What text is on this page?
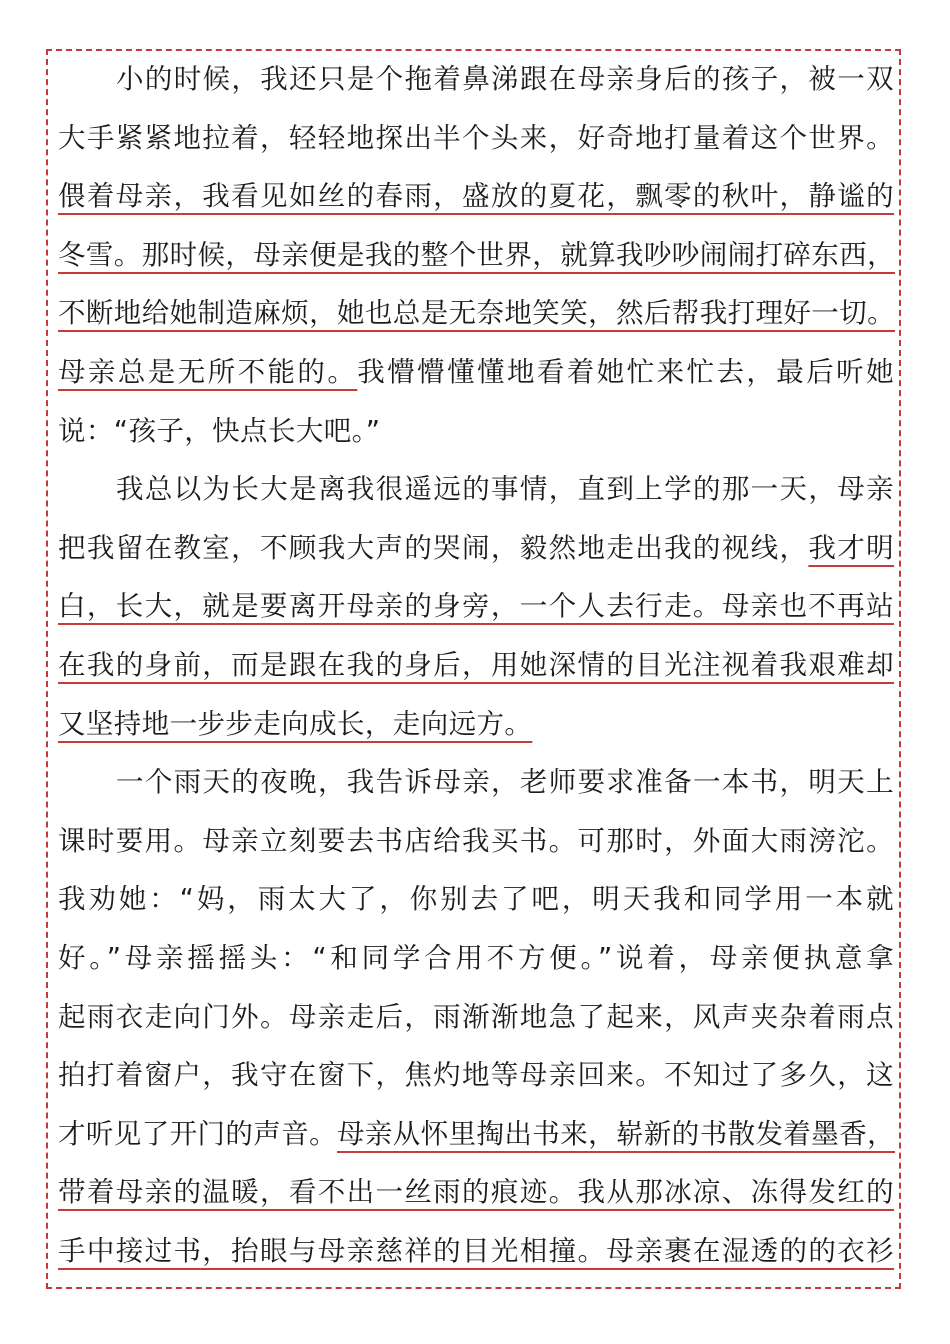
小的时候，我还只是个拖着鼻涕跟在母亲身后的孩子，被一双
大手紧紧地拉着，轻轻地探出半个头来，好奇地打量着这个世界。
偎着母亲，我看见如丝的春雨，盛放的夏花，飘零的秋叶，静谧的
冬雪。那时候，母亲便是我的整个世界，就算我吵吵闹闹打碎东西，
不断地给她制造麻烦，她也总是无奈地笑笑，然后帮我打理好一切。
母亲总是无所不能的。我懵懵懂懂地看着她忙来忙去，最后听她
说：“孩子，快点长大吧。”
我总以为长大是离我很遥远的事情，直到上学的那一天，母亲
把我留在教室，不顾我大声的哭闹，毅然地走出我的视线，我才明
白，长大，就是要离开母亲的身旁，一个人去行走。母亲也不再站
在我的身前，而是跟在我的身后，用她深情的目光注视着我艰难却
又坚持地一步步走向成长，走向远方。
一个雨天的夜晚，我告诉母亲，老师要求准备一本书，明天上
课时要用。母亲立刻要去书店给我买书。可那时，外面大雨滂沱。
我劝她：“妈，雨太大了，你别去了吧，明天我和同学用一本就
好。”母亲摇摇头：“和同学合用不方便。”说着，母亲便执意拿
起雨衣走向门外。母亲走后，雨渐渐地急了起来，风声夹杂着雨点
拍打着窗户，我守在窗下，焦灼地等母亲回来。不知过了多久，这
才听见了开门的声音。母亲从怀里掏出书来，崭新的书散发着墨香，
带着母亲的温暖，看不出一丝雨的痕迹。我从那冰凉、冻得发红的
手中接过书，抬眼与母亲慈祥的目光相撞。母亲裹在湿透的的衣衫
